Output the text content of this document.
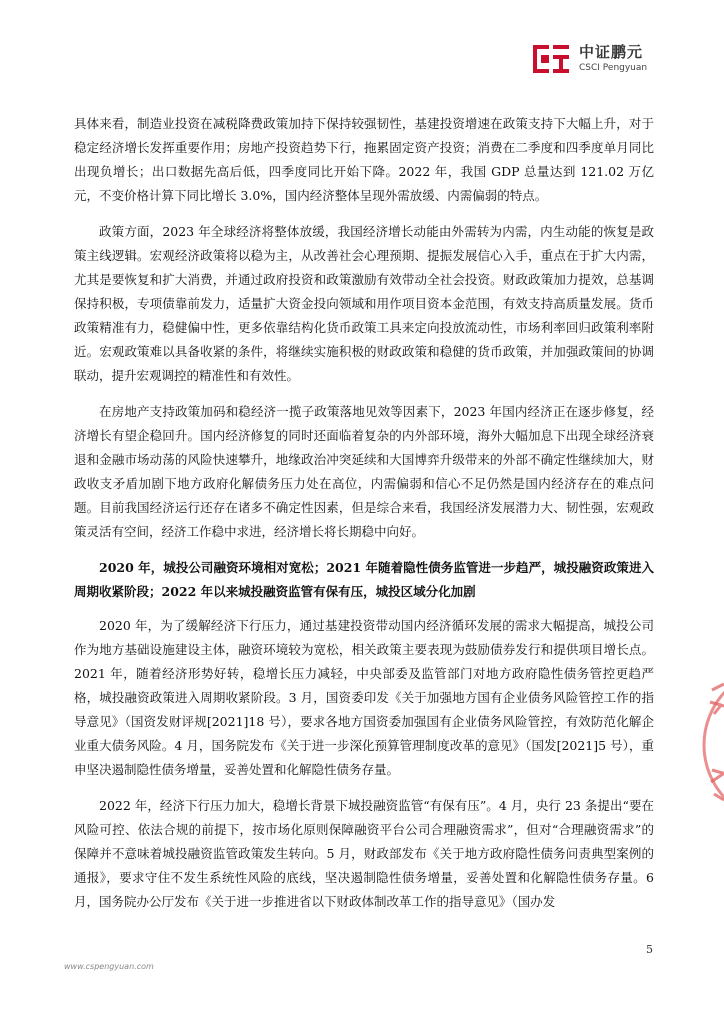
中证鹏元
CSCI Pengyuan

具体来看，制造业投资在减税降费政策加持下保持较强韧性，基建投资增速在政策支持下大幅上升，对于稳定经济增长发挥重要作用；房地产投资趋势下行，拖累固定资产投资；消费在二季度和四季度单月同比出现负增长；出口数据先高后低，四季度同比开始下降。2022 年，我国 GDP 总量达到 121.02 万亿元，不变价格计算下同比增长 3.0%，国内经济整体呈现外需放缓、内需偏弱的特点。

政策方面，2023 年全球经济将整体放缓，我国经济增长动能由外需转为内需，内生动能的恢复是政策主线逻辑。宏观经济政策将以稳为主，从改善社会心理预期、提振发展信心入手，重点在于扩大内需，尤其是要恢复和扩大消费，并通过政府投资和政策激励有效带动全社会投资。财政政策加力提效，总基调保持积极，专项债靠前发力，适量扩大资金投向领域和用作项目资本金范围，有效支持高质量发展。货币政策精准有力，稳健偏中性，更多依靠结构化货币政策工具来定向投放流动性，市场利率回归政策利率附近。宏观政策难以具备收紧的条件，将继续实施积极的财政政策和稳健的货币政策，并加强政策间的协调联动，提升宏观调控的精准性和有效性。

在房地产支持政策加码和稳经济一揽子政策落地见效等因素下，2023 年国内经济正在逐步修复，经济增长有望企稳回升。国内经济修复的同时还面临着复杂的内外部环境，海外大幅加息下出现全球经济衰退和金融市场动荡的风险快速攀升，地缘政治冲突延续和大国博弈升级带来的外部不确定性继续加大，财政收支矛盾加剧下地方政府化解债务压力处在高位，内需偏弱和信心不足仍然是国内经济存在的难点问题。目前我国经济运行还存在诸多不确定性因素，但是综合来看，我国经济发展潜力大、韧性强，宏观政策灵活有空间，经济工作稳中求进，经济增长将长期稳中向好。

2020 年，城投公司融资环境相对宽松；2021 年随着隐性债务监管进一步趋严，城投融资政策进入周期收紧阶段；2022 年以来城投融资监管有保有压，城投区域分化加剧

2020 年，为了缓解经济下行压力，通过基建投资带动国内经济循环发展的需求大幅提高，城投公司作为地方基础设施建设主体，融资环境较为宽松，相关政策主要表现为鼓励债券发行和提供项目增长点。2021 年，随着经济形势好转，稳增长压力减轻，中央部委及监管部门对地方政府隐性债务管控更趋严格，城投融资政策进入周期收紧阶段。3 月，国资委印发《关于加强地方国有企业债务风险管控工作的指导意见》（国资发财评规[2021]18 号），要求各地方国资委加强国有企业债务风险管控，有效防范化解企业重大债务风险。4 月，国务院发布《关于进一步深化预算管理制度改革的意见》（国发[2021]5 号），重申坚决遏制隐性债务增量，妥善处置和化解隐性债务存量。

2022 年，经济下行压力加大，稳增长背景下城投融资监管“有保有压”。4 月，央行 23 条提出“要在风险可控、依法合规的前提下，按市场化原则保障融资平台公司合理融资需求”，但对“合理融资需求”的保障并不意味着城投融资监管政策发生转向。5 月，财政部发布《关于地方政府隐性债务问责典型案例的通报》，要求守住不发生系统性风险的底线，坚决遏制隐性债务增量，妥善处置和化解隐性债务存量。6 月，国务院办公厅发布《关于进一步推进省以下财政体制改革工作的指导意见》（国办发

5
www.cspengyuan.com
